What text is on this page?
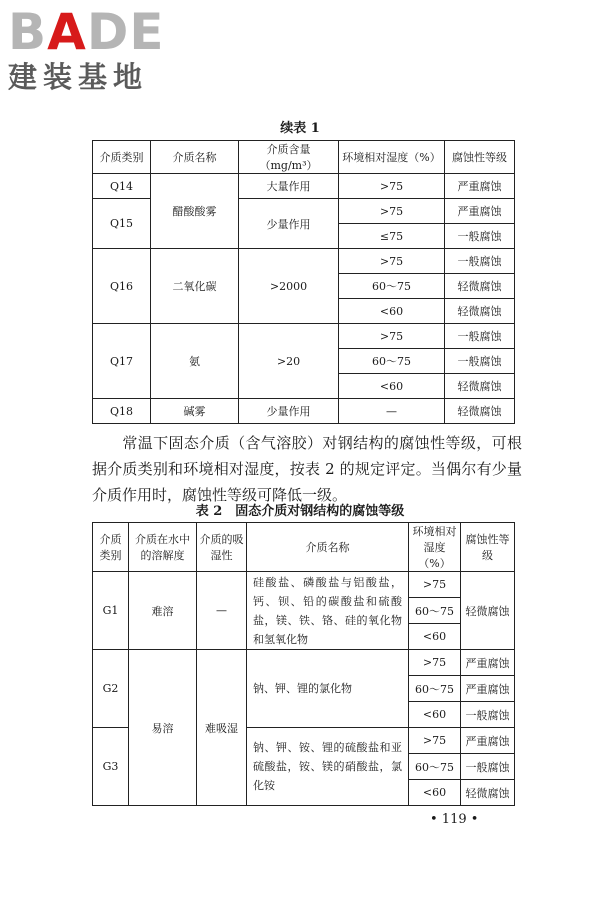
BADE
建装基地

续表 1

介质类别	介质名称	介质含量（mg/m³）	环境相对湿度（%）	腐蚀性等级
Q14	醋酸酸雾	大量作用	>75	严重腐蚀
Q15		少量作用	>75	严重腐蚀
			≤75	一般腐蚀
Q16	二氧化碳	>2000	>75	一般腐蚀
			60～75	轻微腐蚀
			<60	轻微腐蚀
Q17	氨	>20	>75	一般腐蚀
			60～75	一般腐蚀
			<60	轻微腐蚀
Q18	碱雾	少量作用	—	轻微腐蚀

常温下固态介质（含气溶胶）对钢结构的腐蚀性等级，可根据介质类别和环境相对湿度，按表 2 的规定评定。当偶尔有少量介质作用时，腐蚀性等级可降低一级。

表 2　固态介质对钢结构的腐蚀等级

介质类别	介质在水中的溶解度	介质的吸湿性	介质名称	环境相对湿度（%）	腐蚀性等级
G1	难溶	—	硅酸盐、磷酸盐与铝酸盐，钙、钡、铅的碳酸盐和硫酸盐，镁、铁、铬、硅的氧化物和氢氧化物	>75	轻微腐蚀
				60～75	
				<60	
G2	易溶	难吸湿	钠、钾、锂的氯化物	>75	严重腐蚀
				60～75	严重腐蚀
				<60	一般腐蚀
G3			钠、钾、铵、锂的硫酸盐和亚硫酸盐，铵、镁的硝酸盐，氯化铵	>75	严重腐蚀
				60～75	一般腐蚀
				<60	轻微腐蚀

• 119 •
